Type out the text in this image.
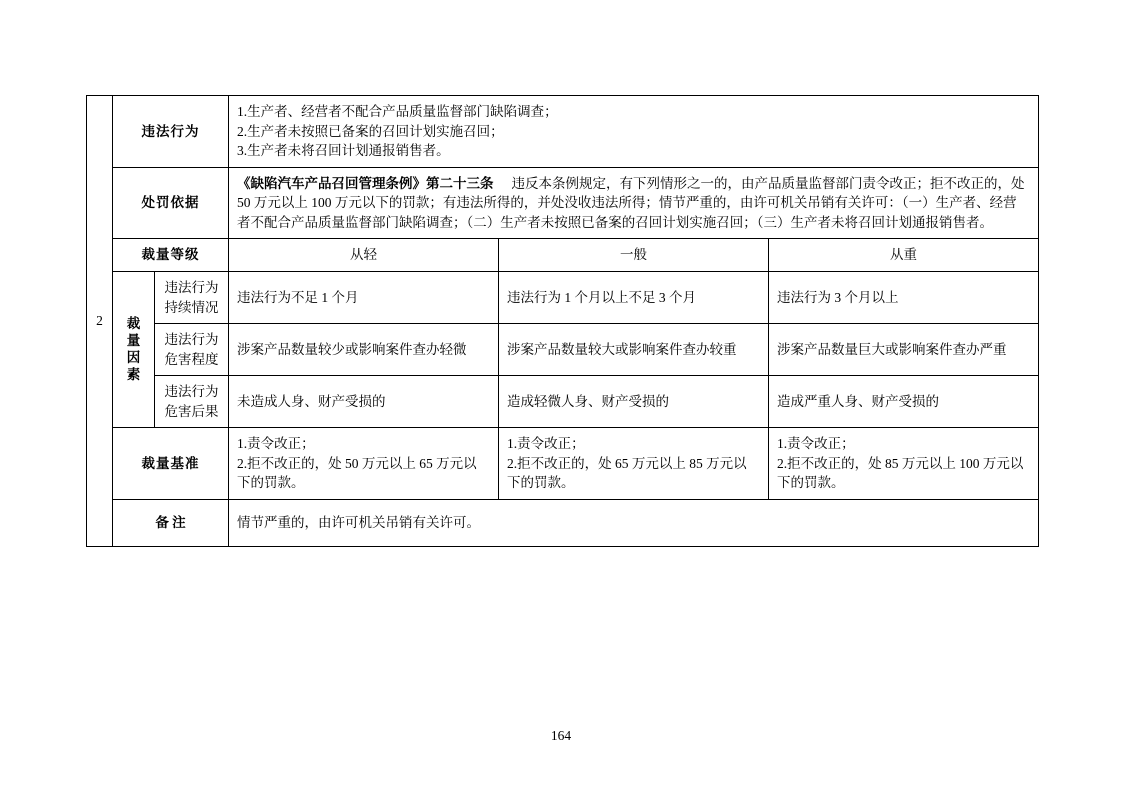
2	违法行为		1.生产者、经营者不配合产品质量监督部门缺陷调查；
2.生产者未按照已备案的召回计划实施召回；
3.生产者未将召回计划通报销售者。		

	处罚依据		《缺陷汽车产品召回管理条例》第二十三条 违反本条例规定，有下列情形之一的，由产品质量监督部门责令改正；拒不改正的，处 50 万元以上 100 万元以下的罚款；有违法所得的，并处没收违法所得；情节严重的，由许可机关吊销有关许可：（一）生产者、经营者不配合产品质量监督部门缺陷调查；（二）生产者未按照已备案的召回计划实施召回；（三）生产者未将召回计划通报销售者。		
	裁量等级		从轻	一般	从重

	裁
量
因
素	违法行为 持续情况	违法行为不足 1 个月	违法行为 1 个月以上不足 3 个月	违法行为 3 个月以上
		违法行为 危害程度	涉案产品数量较少或影响案件查办轻微	涉案产品数量较大或影响案件查办较重	涉案产品数量巨大或影响案件查办严重
		违法行为 危害后果	未造成人身、财产受损的	造成轻微人身、财产受损的	造成严重人身、财产受损的
	裁量基准		1.责令改正；
2.拒不改正的，处 50 万元以上 65 万元以下的罚款。	1.责令改正；
2.拒不改正的，处 65 万元以上 85 万元以下的罚款。	1.责令改正；
2.拒不改正的，处 85 万元以上 100 万元以下的罚款。

	备 注		情节严重的，由许可机关吊销有关许可。		
164
